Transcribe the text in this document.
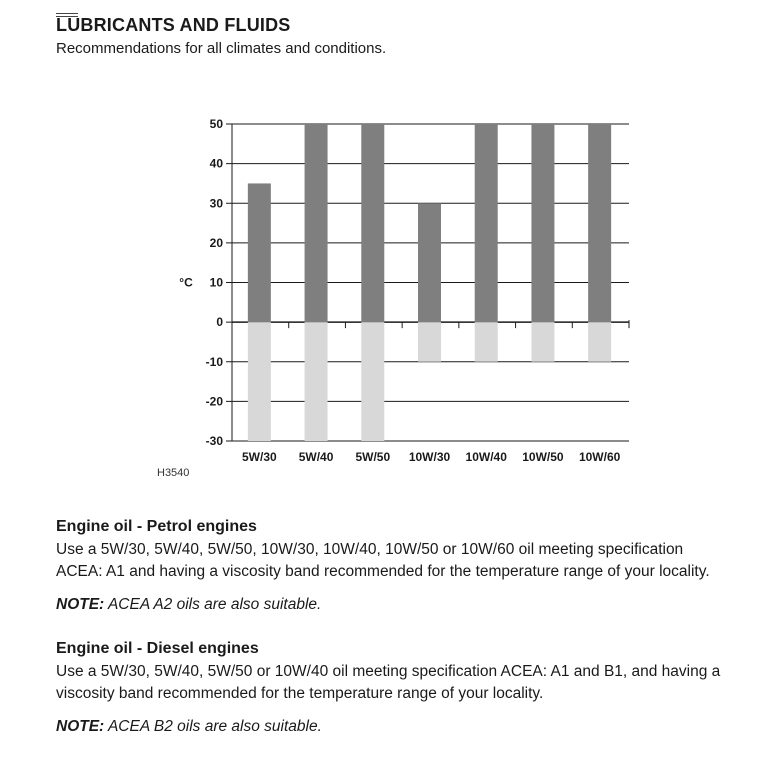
LUBRICANTS AND FLUIDS

Recommendations for all climates and conditions.

50
40
30
20
10
0
-10
-20
-30
°C
5W/30 5W/40 5W/50 10W/30 10W/40 10W/50 10W/60
H3540
Engine oil - Petrol engines

Use a 5W/30, 5W/40, 5W/50, 10W/30, 10W/40, 10W/50 or 10W/60 oil meeting specification

ACEA: A1 and having a viscosity band recommended for the temperature range of your locality.

NOTE: ACEA A2 oils are also suitable.

Engine oil - Diesel engines

Use a 5W/30, 5W/40, 5W/50 or 10W/40 oil meeting specification ACEA: A1 and B1, and having a

viscosity band recommended for the temperature range of your locality.

NOTE: ACEA B2 oils are also suitable.
